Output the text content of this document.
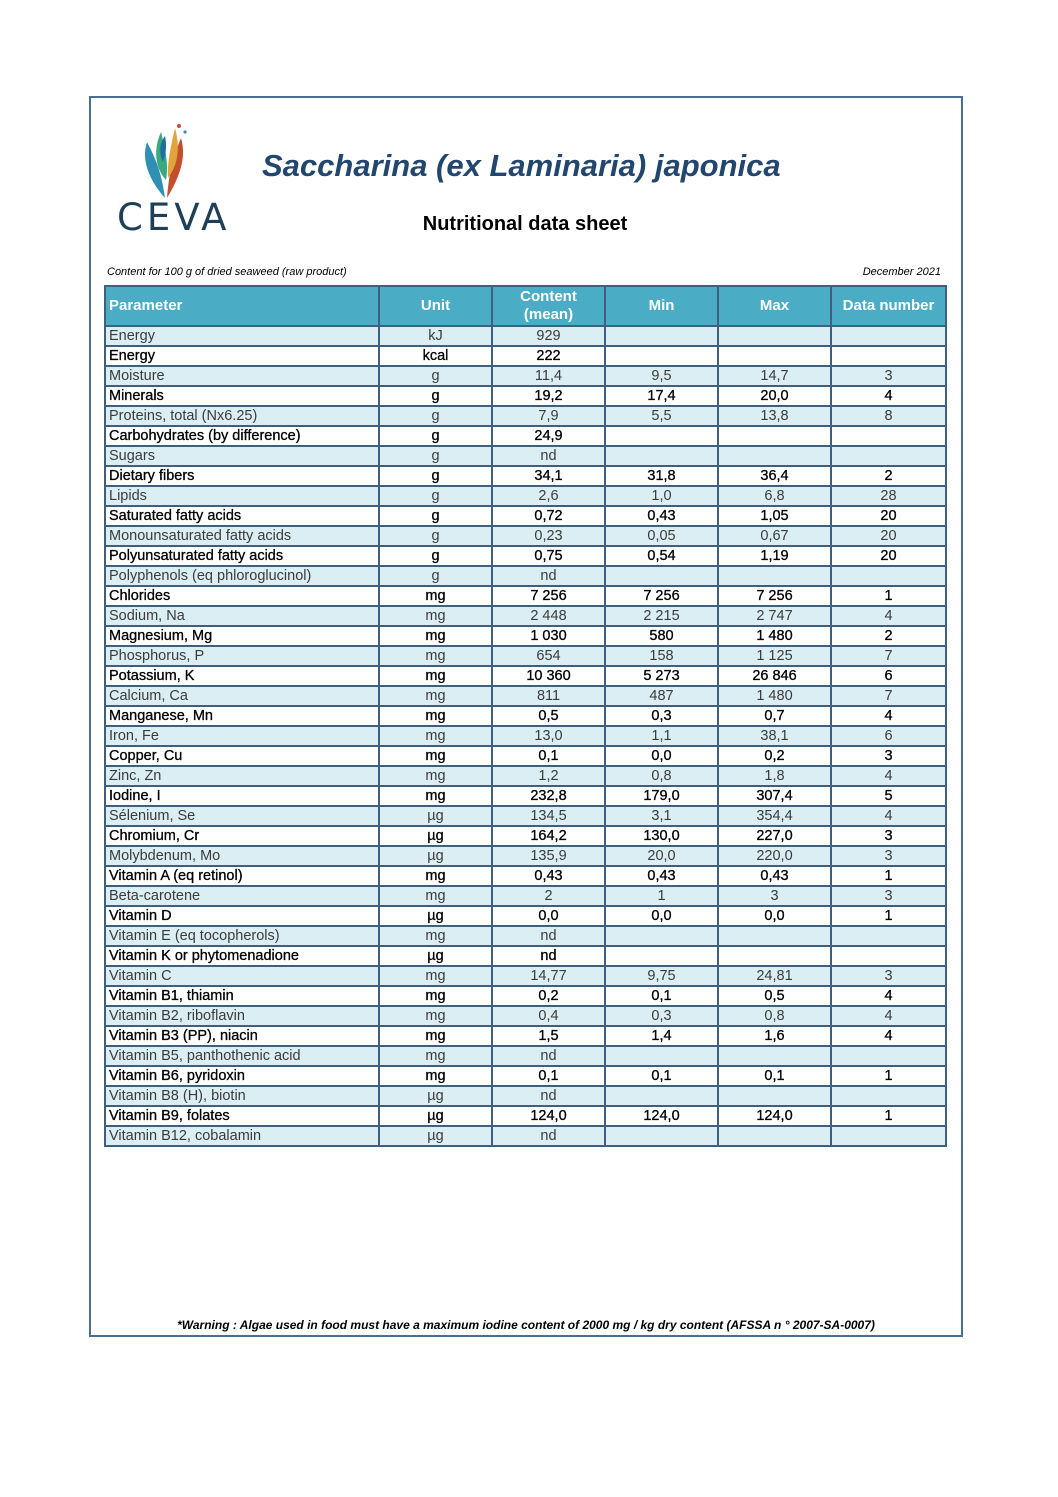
CEVA
Saccharina (ex Laminaria) japonica
Nutritional data sheet
Content for 100 g of dried seaweed (raw product)	December 2021
Parameter	Unit	Content (mean)	Min	Max	Data number
Energy	kJ	929			
Energy	kcal	222			
Moisture	g	11,4	9,5	14,7	3
Minerals	g	19,2	17,4	20,0	4
Proteins, total (Nx6.25)	g	7,9	5,5	13,8	8
Carbohydrates (by difference)	g	24,9			
Sugars	g	nd			
Dietary fibers	g	34,1	31,8	36,4	2
Lipids	g	2,6	1,0	6,8	28
Saturated fatty acids	g	0,72	0,43	1,05	20
Monounsaturated fatty acids	g	0,23	0,05	0,67	20
Polyunsaturated fatty acids	g	0,75	0,54	1,19	20
Polyphenols (eq phloroglucinol)	g	nd			
Chlorides	mg	7 256	7 256	7 256	1
Sodium, Na	mg	2 448	2 215	2 747	4
Magnesium, Mg	mg	1 030	580	1 480	2
Phosphorus, P	mg	654	158	1 125	7
Potassium, K	mg	10 360	5 273	26 846	6
Calcium, Ca	mg	811	487	1 480	7
Manganese, Mn	mg	0,5	0,3	0,7	4
Iron, Fe	mg	13,0	1,1	38,1	6
Copper, Cu	mg	0,1	0,0	0,2	3
Zinc, Zn	mg	1,2	0,8	1,8	4
Iodine, I	mg	232,8	179,0	307,4	5
Sélenium, Se	µg	134,5	3,1	354,4	4
Chromium, Cr	µg	164,2	130,0	227,0	3
Molybdenum, Mo	µg	135,9	20,0	220,0	3
Vitamin A (eq retinol)	mg	0,43	0,43	0,43	1
Beta-carotene	mg	2	1	3	3
Vitamin D	µg	0,0	0,0	0,0	1
Vitamin E (eq tocopherols)	mg	nd			
Vitamin K or phytomenadione	µg	nd			
Vitamin C	mg	14,77	9,75	24,81	3
Vitamin B1, thiamin	mg	0,2	0,1	0,5	4
Vitamin B2, riboflavin	mg	0,4	0,3	0,8	4
Vitamin B3 (PP), niacin	mg	1,5	1,4	1,6	4
Vitamin B5, panthothenic acid	mg	nd			
Vitamin B6, pyridoxin	mg	0,1	0,1	0,1	1
Vitamin B8 (H), biotin	µg	nd			
Vitamin B9, folates	µg	124,0	124,0	124,0	1
Vitamin B12, cobalamin	µg	nd			
*Warning : Algae used in food must have a maximum iodine content of 2000 mg / kg dry content (AFSSA n ° 2007-SA-0007)
